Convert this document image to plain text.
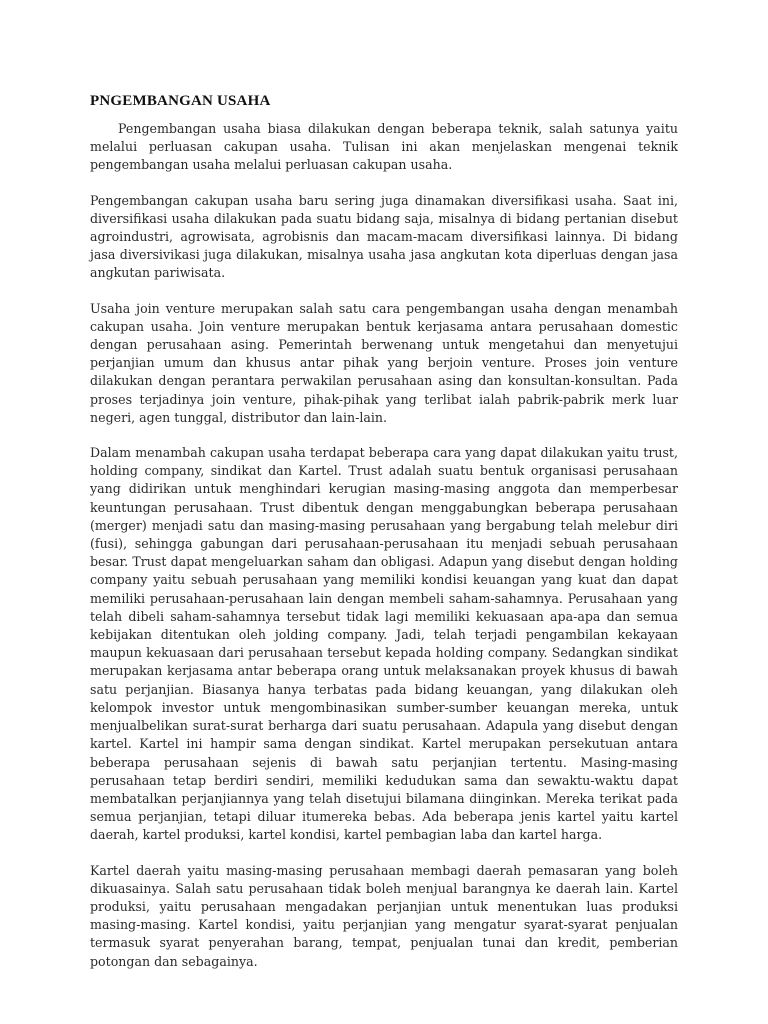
PNGEMBANGAN USAHA

Pengembangan usaha biasa dilakukan dengan beberapa teknik, salah satunya yaitu melalui perluasan cakupan usaha. Tulisan ini akan menjelaskan mengenai teknik pengembangan usaha melalui perluasan cakupan usaha.

Pengembangan cakupan usaha baru sering juga dinamakan diversifikasi usaha. Saat ini, diversifikasi usaha dilakukan pada suatu bidang saja, misalnya di bidang pertanian disebut agroindustri, agrowisata, agrobisnis dan macam-macam diversifikasi lainnya. Di bidang jasa diversivikasi juga dilakukan, misalnya usaha jasa angkutan kota diperluas dengan jasa angkutan pariwisata.

Usaha join venture merupakan salah satu cara pengembangan usaha dengan menambah cakupan usaha. Join venture merupakan bentuk kerjasama antara perusahaan domestic dengan perusahaan asing. Pemerintah berwenang untuk mengetahui dan menyetujui perjanjian umum dan khusus antar pihak yang berjoin venture. Proses join venture dilakukan dengan perantara perwakilan perusahaan asing dan konsultan-konsultan. Pada proses terjadinya join venture, pihak-pihak yang terlibat ialah pabrik-pabrik merk luar negeri, agen tunggal, distributor dan lain-lain.

Dalam menambah cakupan usaha terdapat beberapa cara yang dapat dilakukan yaitu trust, holding company, sindikat dan Kartel. Trust adalah suatu bentuk organisasi perusahaan yang didirikan untuk menghindari kerugian masing-masing anggota dan memperbesar keuntungan perusahaan. Trust dibentuk dengan menggabungkan beberapa perusahaan (merger) menjadi satu dan masing-masing perusahaan yang bergabung telah melebur diri (fusi), sehingga gabungan dari perusahaan-perusahaan itu menjadi sebuah perusahaan besar. Trust dapat mengeluarkan saham dan obligasi. Adapun yang disebut dengan holding company yaitu sebuah perusahaan yang memiliki kondisi keuangan yang kuat dan dapat memiliki perusahaan-perusahaan lain dengan membeli saham-sahamnya. Perusahaan yang telah dibeli saham-sahamnya tersebut tidak lagi memiliki kekuasaan apa-apa dan semua kebijakan ditentukan oleh jolding company. Jadi, telah terjadi pengambilan kekayaan maupun kekuasaan dari perusahaan tersebut kepada holding company. Sedangkan sindikat merupakan kerjasama antar beberapa orang untuk melaksanakan proyek khusus di bawah satu perjanjian. Biasanya hanya terbatas pada bidang keuangan, yang dilakukan oleh kelompok investor untuk mengombinasikan sumber-sumber keuangan mereka, untuk menjualbelikan surat-surat berharga dari suatu perusahaan. Adapula yang disebut dengan kartel. Kartel ini hampir sama dengan sindikat. Kartel merupakan persekutuan antara beberapa perusahaan sejenis di bawah satu perjanjian tertentu. Masing-masing perusahaan tetap berdiri sendiri, memiliki kedudukan sama dan sewaktu-waktu dapat membatalkan perjanjiannya yang telah disetujui bilamana diinginkan. Mereka terikat pada semua perjanjian, tetapi diluar itumereka bebas. Ada beberapa jenis kartel yaitu kartel daerah, kartel produksi, kartel kondisi, kartel pembagian laba dan kartel harga.

Kartel daerah yaitu masing-masing perusahaan membagi daerah pemasaran yang boleh dikuasainya. Salah satu perusahaan tidak boleh menjual barangnya ke daerah lain. Kartel produksi, yaitu perusahaan mengadakan perjanjian untuk menentukan luas produksi masing-masing. Kartel kondisi, yaitu perjanjian yang mengatur syarat-syarat penjualan termasuk syarat penyerahan barang, tempat, penjualan tunai dan kredit, pemberian potongan dan sebagainya.
